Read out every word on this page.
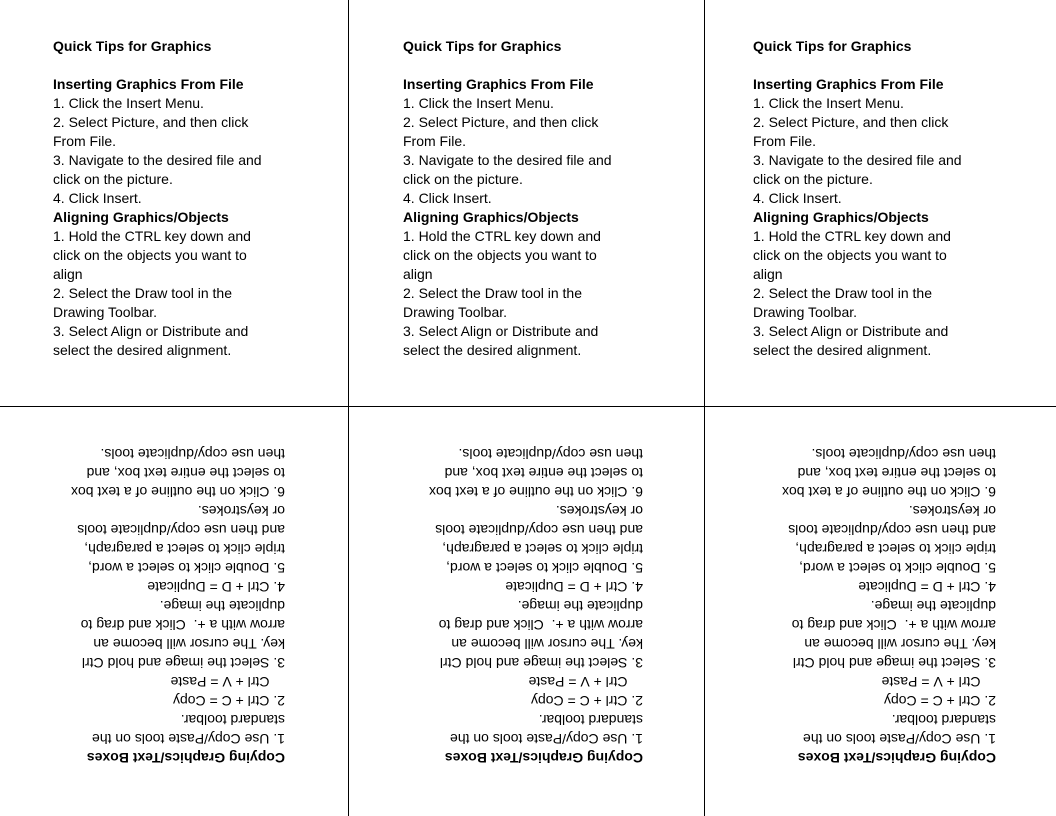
Quick Tips for Graphics
Inserting Graphics From File
1. Click the Insert Menu.
2. Select Picture, and then click
From File.
3. Navigate to the desired file and
click on the picture.
4. Click Insert.
Aligning Graphics/Objects
1. Hold the CTRL key down and
click on the objects you want to
align
2. Select the Draw tool in the
Drawing Toolbar.
3. Select Align or Distribute and
select the desired alignment.
Quick Tips for Graphics
Inserting Graphics From File
1. Click the Insert Menu.
2. Select Picture, and then click
From File.
3. Navigate to the desired file and
click on the picture.
4. Click Insert.
Aligning Graphics/Objects
1. Hold the CTRL key down and
click on the objects you want to
align
2. Select the Draw tool in the
Drawing Toolbar.
3. Select Align or Distribute and
select the desired alignment.
Quick Tips for Graphics
Inserting Graphics From File
1. Click the Insert Menu.
2. Select Picture, and then click
From File.
3. Navigate to the desired file and
click on the picture.
4. Click Insert.
Aligning Graphics/Objects
1. Hold the CTRL key down and
click on the objects you want to
align
2. Select the Draw tool in the
Drawing Toolbar.
3. Select Align or Distribute and
select the desired alignment.
Copying Graphics/Text Boxes
1. Use Copy/Paste tools on the
standard toolbar.
2. Ctrl + C = Copy
Ctrl + V = Paste
3. Select the image and hold Ctrl
key. The cursor will become an
arrow with a +.  Click and drag to
duplicate the image.
4. Ctrl + D = Duplicate
5. Double click to select a word,
triple click to select a paragraph,
and then use copy/duplicate tools
or keystrokes.
6. Click on the outline of a text box
to select the entire text box, and
then use copy/duplicate tools.
Copying Graphics/Text Boxes
1. Use Copy/Paste tools on the
standard toolbar.
2. Ctrl + C = Copy
Ctrl + V = Paste
3. Select the image and hold Ctrl
key. The cursor will become an
arrow with a +.  Click and drag to
duplicate the image.
4. Ctrl + D = Duplicate
5. Double click to select a word,
triple click to select a paragraph,
and then use copy/duplicate tools
or keystrokes.
6. Click on the outline of a text box
to select the entire text box, and
then use copy/duplicate tools.
Copying Graphics/Text Boxes
1. Use Copy/Paste tools on the
standard toolbar.
2. Ctrl + C = Copy
Ctrl + V = Paste
3. Select the image and hold Ctrl
key. The cursor will become an
arrow with a +.  Click and drag to
duplicate the image.
4. Ctrl + D = Duplicate
5. Double click to select a word,
triple click to select a paragraph,
and then use copy/duplicate tools
or keystrokes.
6. Click on the outline of a text box
to select the entire text box, and
then use copy/duplicate tools.
